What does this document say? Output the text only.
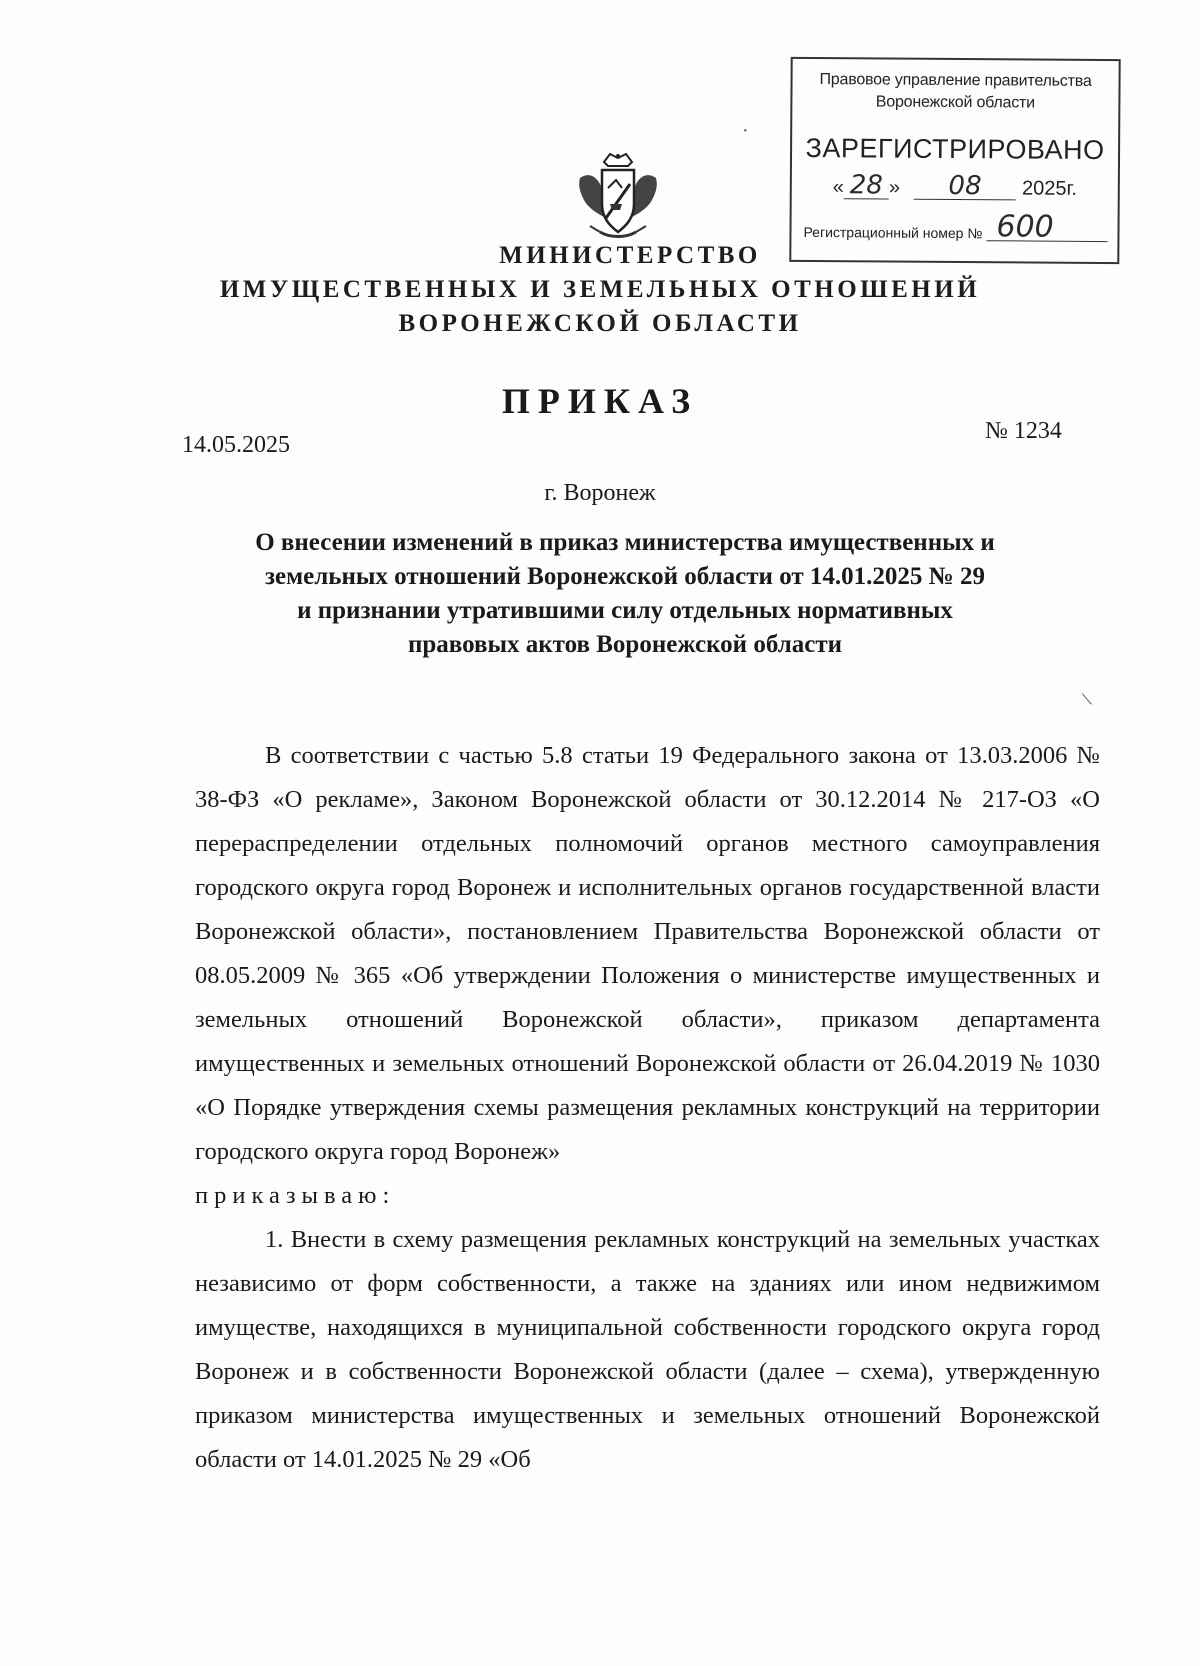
Правовое управление правительства
Воронежской области
ЗАРЕГИСТРИРОВАНО
« 28 »	08	202 5г.
Регистрационный номер № 600
МИНИСТЕРСТВО
ИМУЩЕСТВЕННЫХ И ЗЕМЕЛЬНЫХ ОТНОШЕНИЙ
ВОРОНЕЖСКОЙ ОБЛАСТИ
ПРИКАЗ
14.05.2025
№ 1234
г. Воронеж
О внесении изменений в приказ министерства имущественных и
земельных отношений Воронежской области от 14.01.2025 № 29
и признании утратившими силу отдельных нормативных
правовых актов Воронежской области

В соответствии с частью 5.8 статьи 19 Федерального закона от 13.03.2006 № 38-ФЗ «О рекламе», Законом Воронежской области от 30.12.2014 № 217-ОЗ «О перераспределении отдельных полномочий органов местного самоуправления городского округа город Воронеж и исполнительных органов государственной власти Воронежской области», постановлением Правительства Воронежской области от 08.05.2009 № 365 «Об утверждении Положения о министерстве имущественных и земельных отношений Воронежской области», приказом департамента имущественных и земельных отношений Воронежской области от 26.04.2019 № 1030 «О Порядке утверждения схемы размещения рекламных конструкций на территории городского округа город Воронеж»

приказываю:

1. Внести в схему размещения рекламных конструкций на земельных участках независимо от форм собственности, а также на зданиях или ином недвижимом имуществе, находящихся в муниципальной собственности городского округа город Воронеж и в собственности Воронежской области (далее – схема), утвержденную приказом министерства имущественных и земельных отношений Воронежской области от 14.01.2025 № 29 «Об

/
·
